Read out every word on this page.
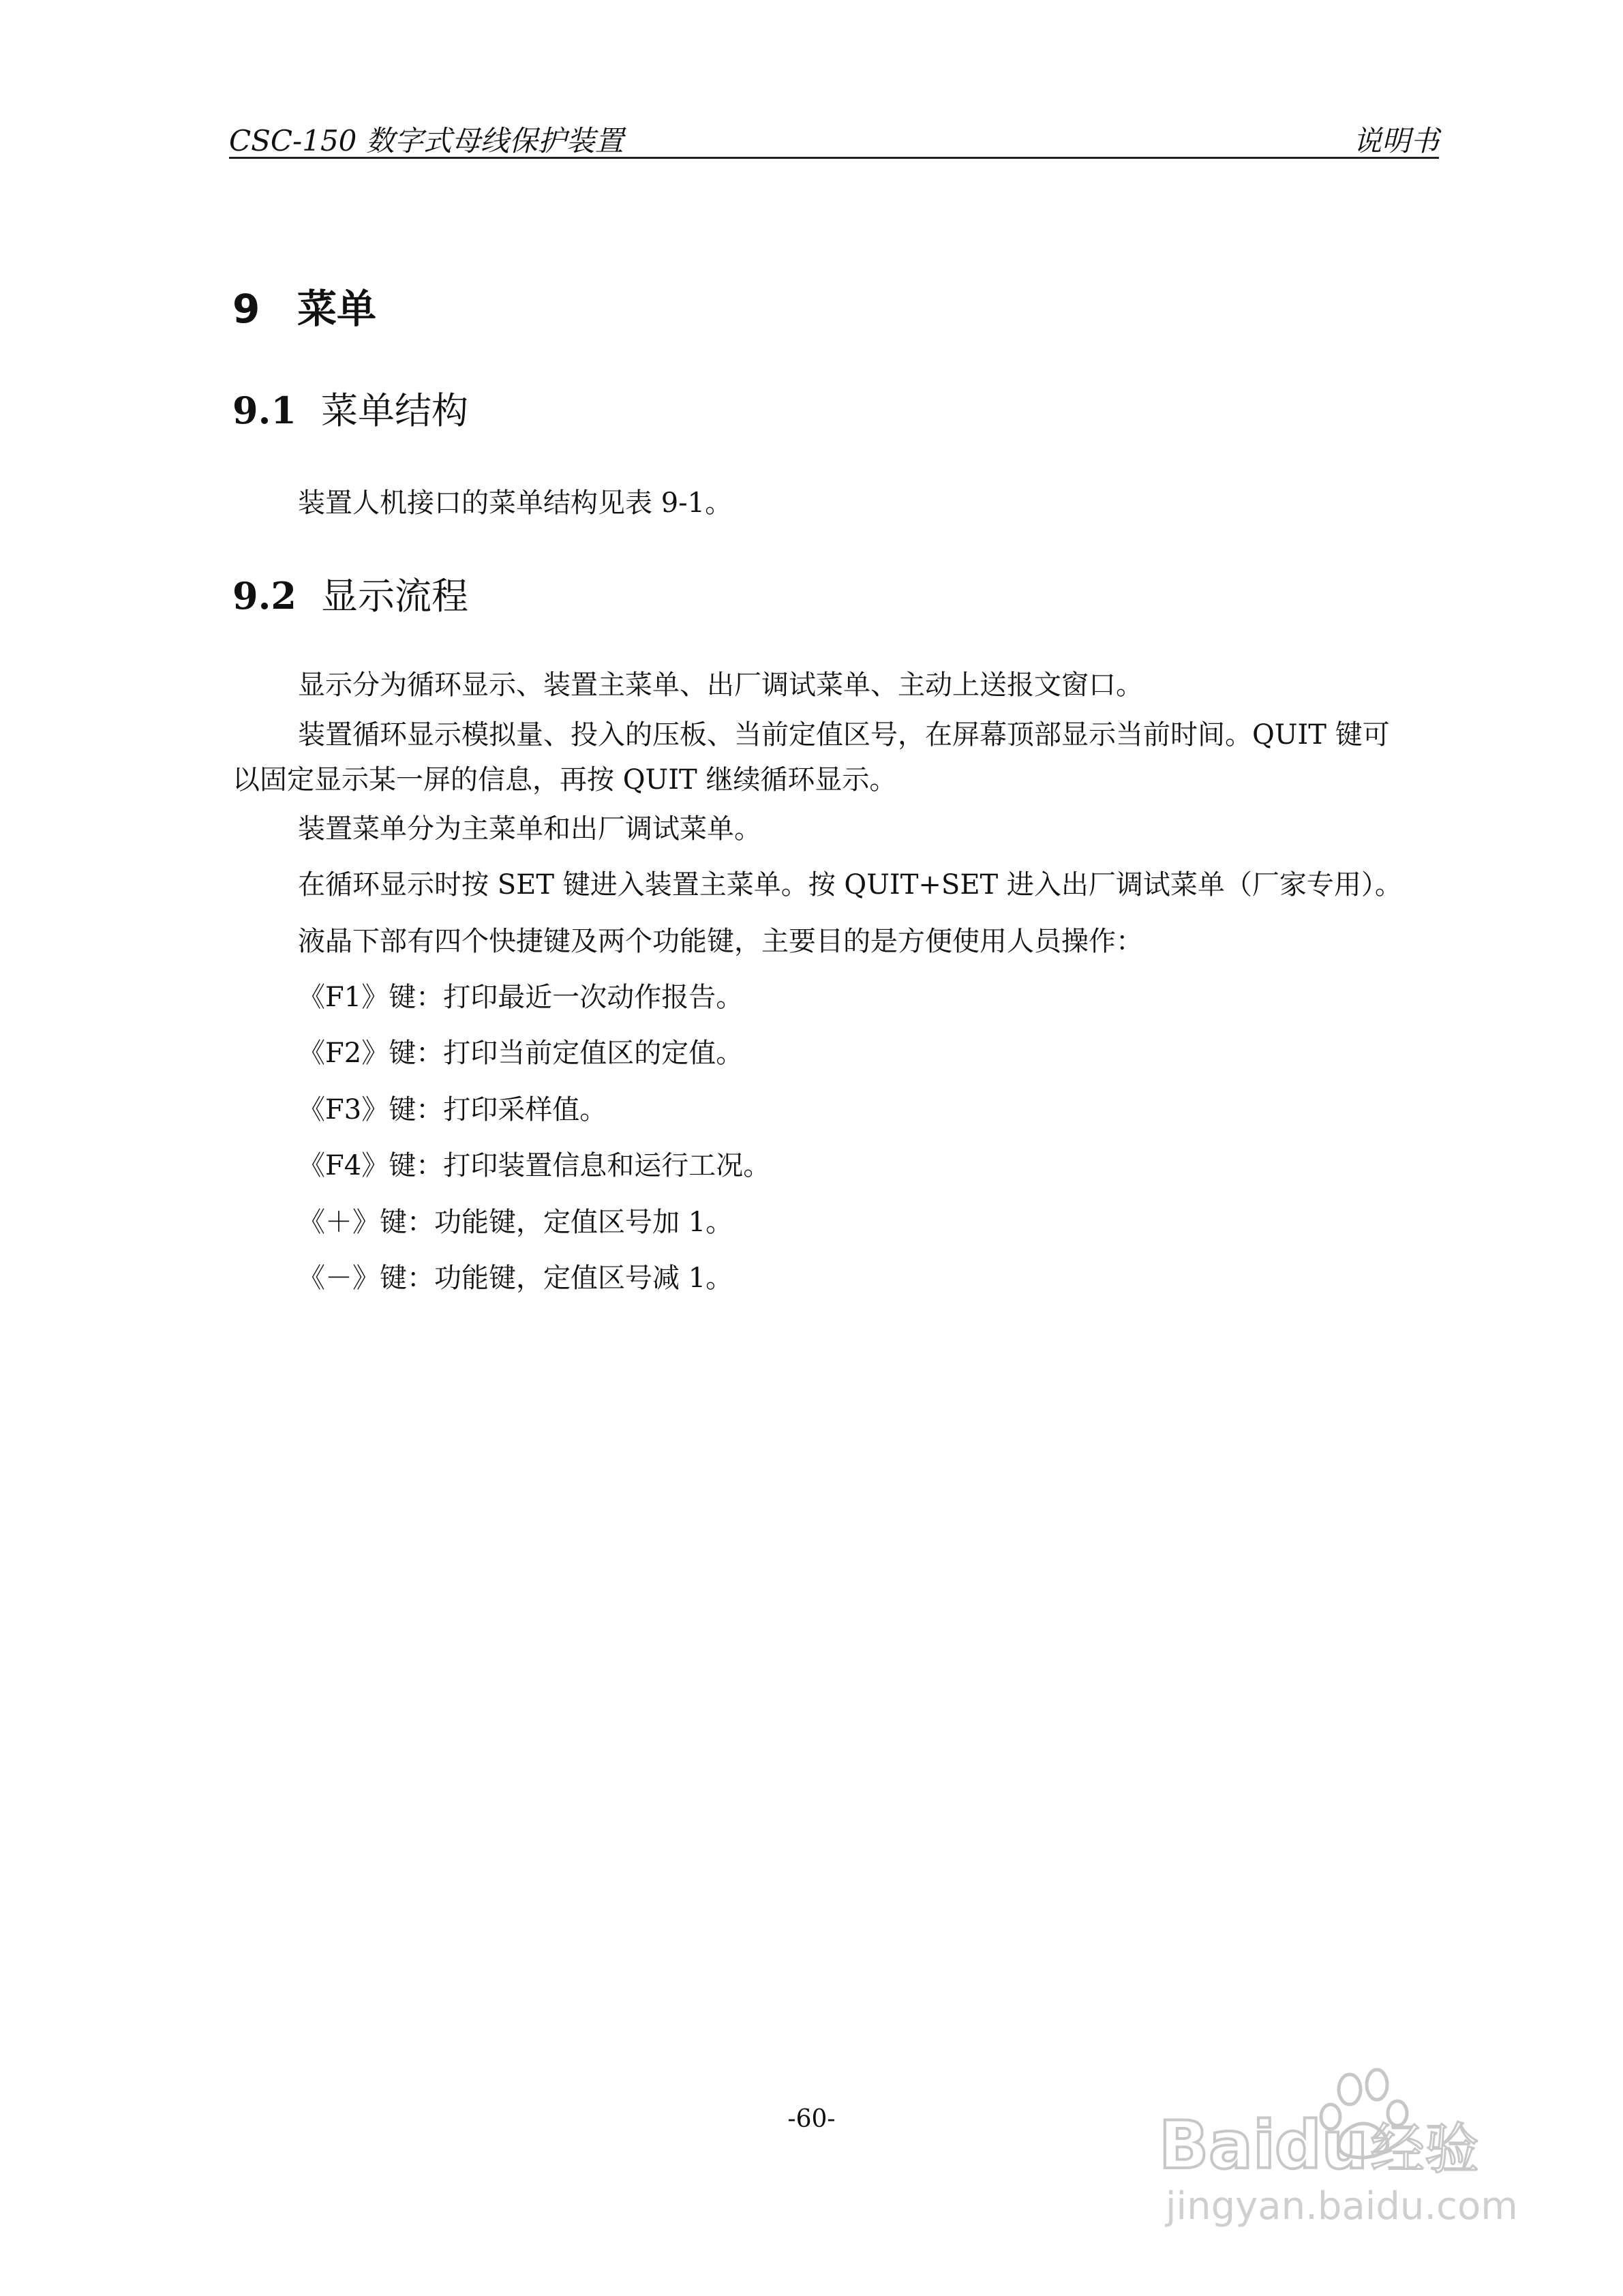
CSC-150 数字式母线保护装置	说明书
9 菜单
9.1 菜单结构
装置人机接口的菜单结构见表 9-1。
9.2 显示流程
显示分为循环显示、装置主菜单、出厂调试菜单、主动上送报文窗口。
装置循环显示模拟量、投入的压板、当前定值区号，在屏幕顶部显示当前时间。QUIT 键可
以固定显示某一屏的信息，再按 QUIT 继续循环显示。
装置菜单分为主菜单和出厂调试菜单。
在循环显示时按 SET 键进入装置主菜单。按 QUIT+SET 进入出厂调试菜单（厂家专用）。
液晶下部有四个快捷键及两个功能键，主要目的是方便使用人员操作：
《F1》键：打印最近一次动作报告。
《F2》键：打印当前定值区的定值。
《F3》键：打印采样值。
《F4》键：打印装置信息和运行工况。
《＋》键：功能键，定值区号加 1。
《－》键：功能键，定值区号减 1。
-60-	Bai du 经验
jingyan.baidu.com
